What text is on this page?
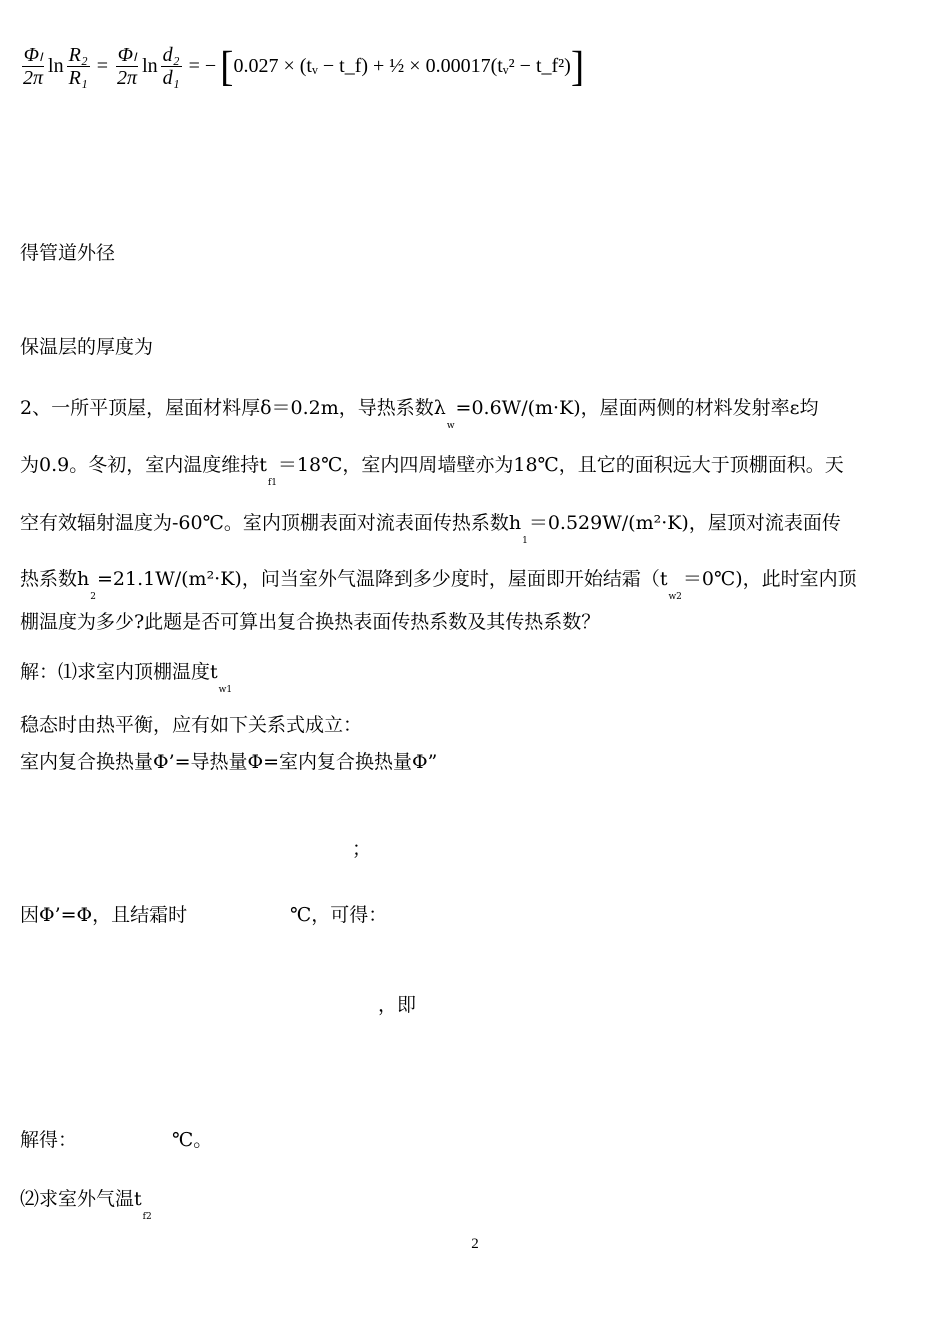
$\frac{\text{Φₗ}}{2\pi}$ $\ln \frac{\text{R₂}}{\text{R₁}} = \frac{\text{Φₗ}}{2\pi}$ $\ln \frac{\text{d₂}}{\text{d₁}}$ = − [ 0.027 × (tᵥ − t_f) + ½ × 0.00017(tᵥ² − t_f²) ]
得管道外径
保温层的厚度为
2、一所平顶屋，屋面材料厚δ＝0.2m，导热系数$\lambda_w=0.6W/(m\cdot K)$，屋面两侧的材料发射率ε均
为0.9。冬初，室内温度维持$t_{f1}=18℃$，室内四周墙壁亦为18℃，且它的面积远大于顶棚面积。天
空有效辐射温度为-60℃。室内顶棚表面对流表面传热系数$h_1=0.529W/(m^2\cdot K)$，屋顶对流表面传
热系数$h_2=21.1W/(m^2\cdot K)$，问当室外气温降到多少度时，屋面即开始结霜$(t_{w2}=0℃)$，此时室内顶
棚温度为多少?此题是否可算出复合换热表面传热系数及其传热系数？
解：⑴求室内顶棚温度$t_{w1}$
稳态时由热平衡，应有如下关系式成立：
室内复合换热量Φ’=导热量Φ=室内复合换热量Φ”
；
因Φ’=Φ，且结霜时	℃，可得：
，即
解得：	℃。
⑵求室外气温$t_{f2}$
2
